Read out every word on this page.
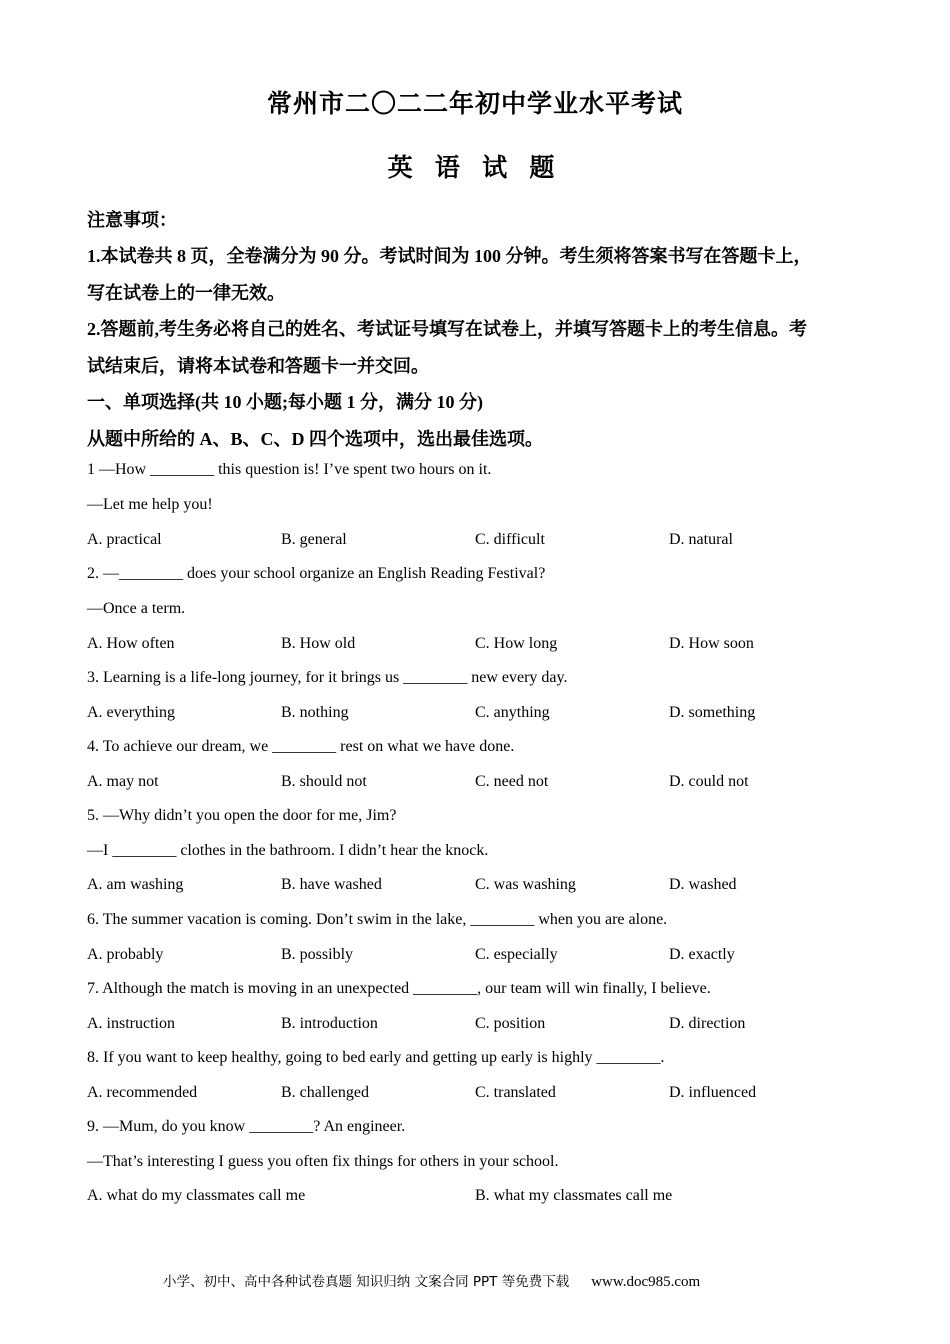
常州市二〇二二年初中学业水平考试
英 语 试 题
注意事项：
1.本试卷共 8 页，全卷满分为 90 分。考试时间为 100 分钟。考生须将答案书写在答题卡上，
写在试卷上的一律无效。
2.答题前,考生务必将自己的姓名、考试证号填写在试卷上，并填写答题卡上的考生信息。考
试结束后，请将本试卷和答题卡一并交回。
一、单项选择(共 10 小题;每小题 1 分，满分 10 分)
从题中所给的 A、B、C、D 四个选项中，选出最佳选项。
1 —How ________ this question is! I’ve spent two hours on it.
—Let me help you!
A. practical	B. general	C. difficult	D. natural
2. —________ does your school organize an English Reading Festival?
—Once a term.
A. How often	B. How old	C. How long	D. How soon
3. Learning is a life-long journey, for it brings us ________ new every day.
A. everything	B. nothing	C. anything	D. something
4. To achieve our dream, we ________ rest on what we have done.
A. may not	B. should not	C. need not	D. could not
5. —Why didn’t you open the door for me, Jim?
—I ________ clothes in the bathroom. I didn’t hear the knock.
A. am washing	B. have washed	C. was washing	D. washed
6. The summer vacation is coming. Don’t swim in the lake, ________ when you are alone.
A. probably	B. possibly	C. especially	D. exactly
7. Although the match is moving in an unexpected ________, our team will win finally, I believe.
A. instruction	B. introduction	C. position	D. direction
8. If you want to keep healthy, going to bed early and getting up early is highly ________.
A. recommended	B. challenged	C. translated	D. influenced
9. —Mum, do you know ________? An engineer.
—That’s interesting I guess you often fix things for others in your school.
A. what do my classmates call me	B. what my classmates call me
小学、初中、高中各种试卷真题 知识归纳 文案合同 PPT 等免费下载 www.doc985.com
